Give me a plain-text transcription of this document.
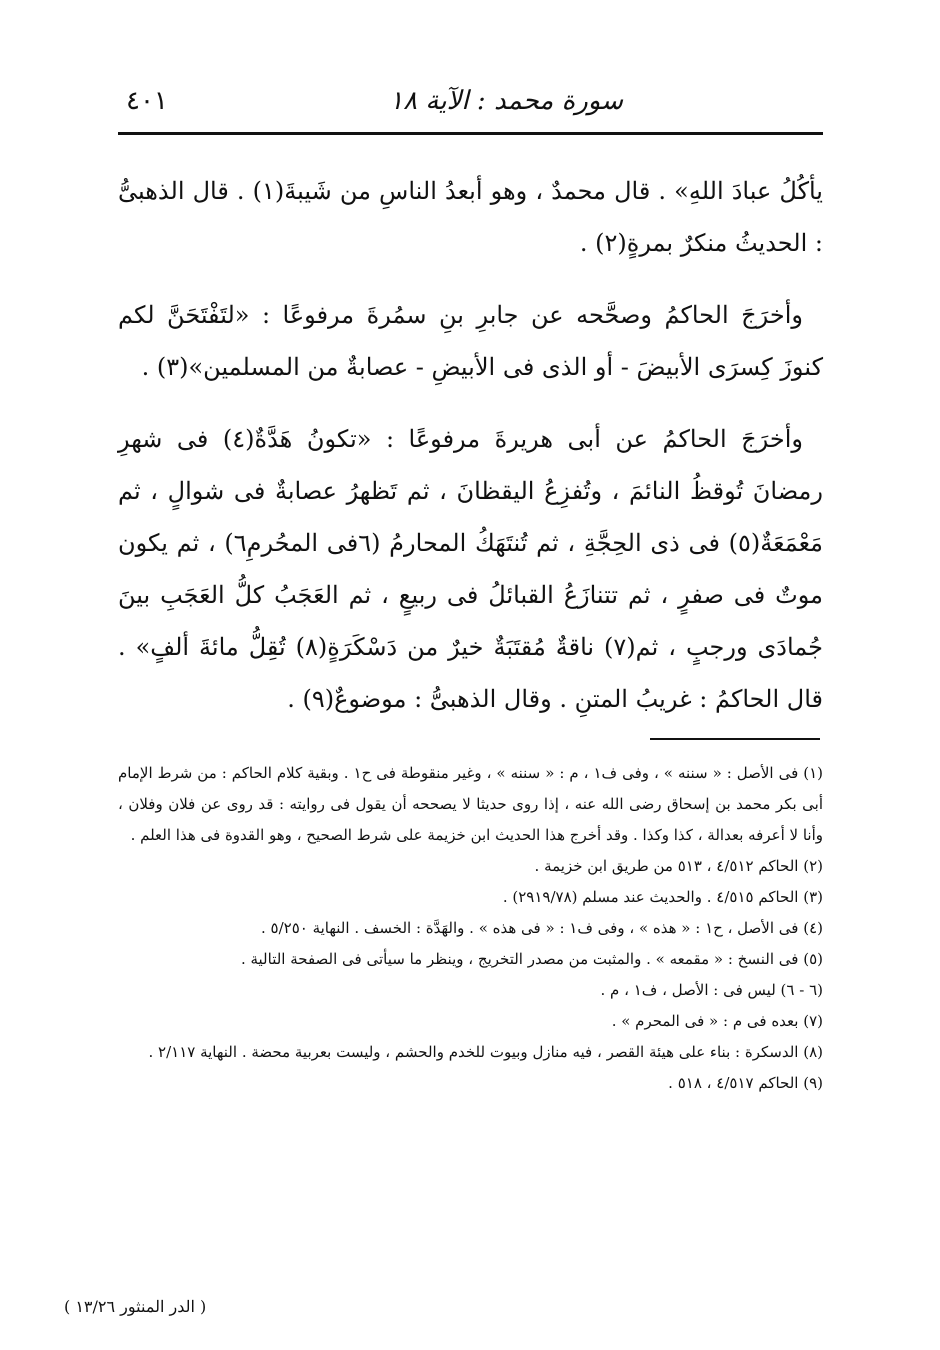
سورة محمد : الآية ١٨
٤٠١

يأكُلُ عبادَ اللهِ» . قال محمدٌ ، وهو أبعدُ الناسِ من شَيبةَ(١) . قال الذهبىُّ : الحديثُ منكرٌ بمرةٍ(٢) .

وأخرَجَ الحاكمُ وصحَّحه عن جابرِ بنِ سمُرةَ مرفوعًا : «لتَفْتَحَنَّ لكم كنوزَ كِسرَى الأبيضَ - أو الذى فى الأبيضِ - عصابةٌ من المسلمين»(٣) .

وأخرَجَ الحاكمُ عن أبى هريرةَ مرفوعًا : «تكونُ هَدَّةٌ(٤) فى شهرِ رمضانَ تُوقظُ النائمَ ، وتُفزِعُ اليقظانَ ، ثم تَظهرُ عصابةٌ فى شوالٍ ، ثم مَعْمَعَةٌ(٥) فى ذى الحِجَّةِ ، ثم تُنتَهَكُ المحارمُ (٦فى المحُرمِ٦) ، ثم يكون موتٌ فى صفرٍ ، ثم تتنازَعُ القبائلُ فى ربيعٍ ، ثم العَجَبُ كلُّ العَجَبِ بينَ جُمادَى ورجبٍ ، ثم(٧) ناقةٌ مُقتَبَةٌ خيرٌ من دَسْكَرَةٍ(٨) تُقِلُّ مائةَ ألفٍ» . قال الحاكمُ : غريبُ المتنِ . وقال الذهبىُّ : موضوعٌ(٩) .

(١) فى الأصل : « سننه » ، وفى ف١ ، م : « سننه » ، وغير منقوطة فى ح١ . وبقية كلام الحاكم : من شرط الإمام أبى بكر محمد بن إسحاق رضى الله عنه ، إذا روى حديثا لا يصححه أن يقول فى روايته : قد روى عن فلان وفلان ، وأنا لا أعرفه بعدالة ، كذا وكذا . وقد أخرج هذا الحديث ابن خزيمة على شرط الصحيح ، وهو القدوة فى هذا العلم .

(٢) الحاكم ٤/٥١٢ ، ٥١٣ من طريق ابن خزيمة .

(٣) الحاكم ٤/٥١٥ . والحديث عند مسلم (٢٩١٩/٧٨) .

(٤) فى الأصل ، ح١ : « هذه » ، وفى ف١ : « فى هذه » . والهَدَّة : الخسف . النهاية ٥/٢٥٠ .

(٥) فى النسخ : « مقمعه » . والمثبت من مصدر التخريج ، وينظر ما سيأتى فى الصفحة التالية .

(٦ - ٦) ليس فى : الأصل ، ف١ ، م .

(٧) بعده فى م : « فى المحرم » .

(٨) الدسكرة : بناء على هيئة القصر ، فيه منازل وبيوت للخدم والحشم ، وليست بعربية محضة . النهاية ٢/١١٧ .

(٩) الحاكم ٤/٥١٧ ، ٥١٨ .

( الدر المنثور ١٣/٢٦ )
